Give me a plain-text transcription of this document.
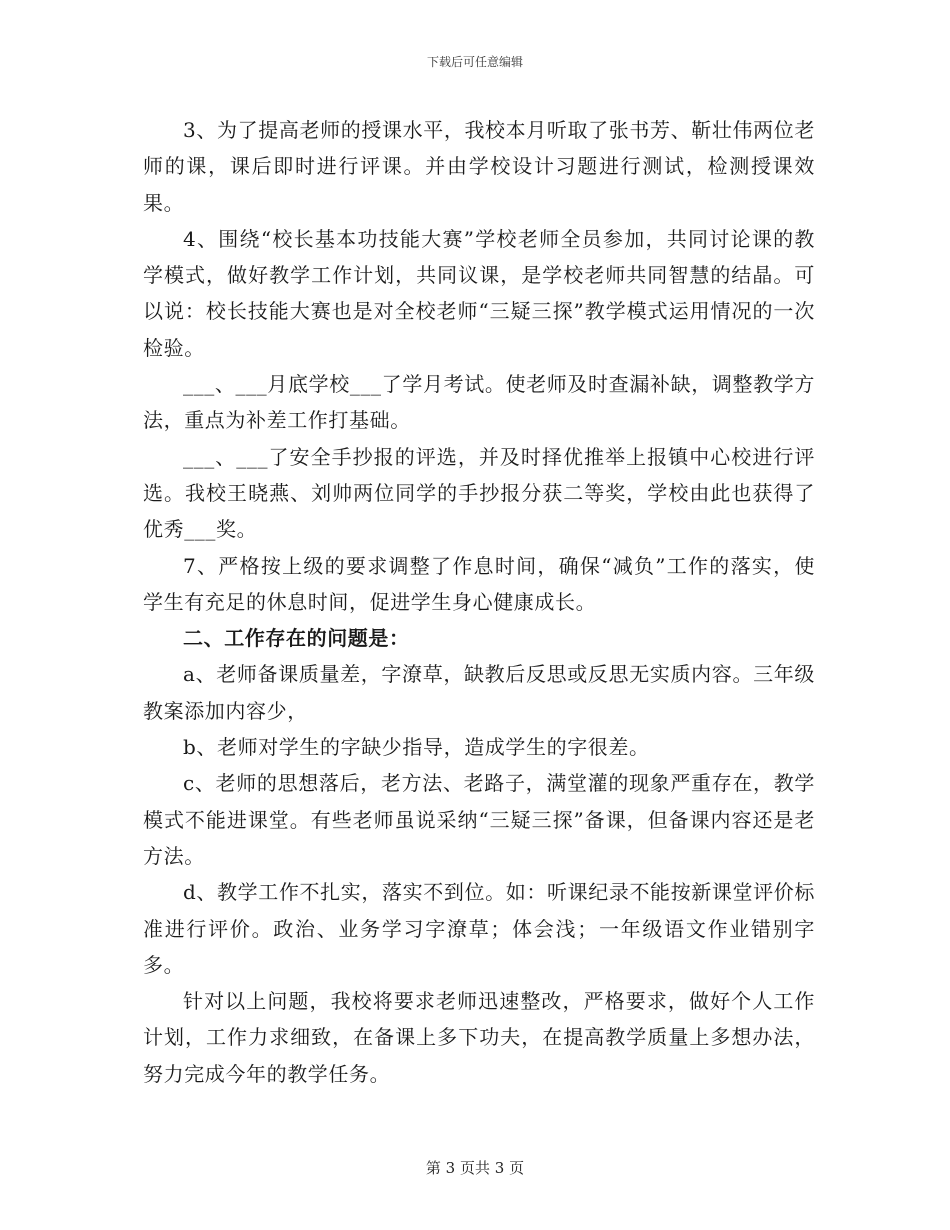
下载后可任意编辑

3、为了提高老师的授课水平，我校本月听取了张书芳、靳壮伟两位老师的课，课后即时进行评课。并由学校设计习题进行测试，检测授课效果。

4、围绕“校长基本功技能大赛”学校老师全员参加，共同讨论课的教学模式，做好教学工作计划，共同议课，是学校老师共同智慧的结晶。可以说：校长技能大赛也是对全校老师“三疑三探”教学模式运用情况的一次检验。

___、___月底学校___了学月考试。使老师及时查漏补缺，调整教学方法，重点为补差工作打基础。

___、___了安全手抄报的评选，并及时择优推举上报镇中心校进行评选。我校王晓燕、刘帅两位同学的手抄报分获二等奖，学校由此也获得了优秀___奖。

7、严格按上级的要求调整了作息时间，确保“减负”工作的落实，使学生有充足的休息时间，促进学生身心健康成长。

二、工作存在的问题是：

a、老师备课质量差，字潦草，缺教后反思或反思无实质内容。三年级教案添加内容少，

b、老师对学生的字缺少指导，造成学生的字很差。

c、老师的思想落后，老方法、老路子，满堂灌的现象严重存在，教学模式不能进课堂。有些老师虽说采纳“三疑三探”备课，但备课内容还是老方法。

d、教学工作不扎实，落实不到位。如：听课纪录不能按新课堂评价标准进行评价。政治、业务学习字潦草；体会浅；一年级语文作业错别字多。

针对以上问题，我校将要求老师迅速整改，严格要求，做好个人工作计划，工作力求细致，在备课上多下功夫，在提高教学质量上多想办法，努力完成今年的教学任务。

第 3 页共 3 页
